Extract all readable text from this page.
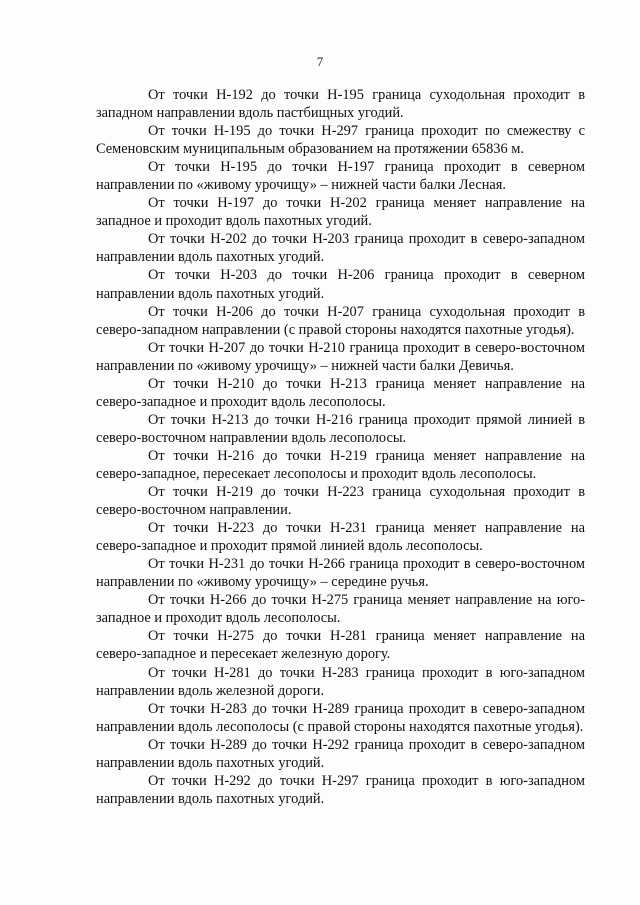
7

От точки Н-192 до точки Н-195 граница суходольная проходит в западном направлении вдоль пастбищных угодий.

От точки Н-195 до точки Н-297 граница проходит по смежеству с Семеновским муниципальным образованием на протяжении 65836 м.

От точки Н-195 до точки Н-197 граница проходит в северном направлении по «живому урочищу» – нижней части балки Лесная.

От точки Н-197 до точки Н-202 граница меняет направление на западное и проходит вдоль пахотных угодий.

От точки Н-202 до точки Н-203 граница проходит в северо-западном направлении вдоль пахотных угодий.

От точки Н-203 до точки Н-206 граница проходит в северном направлении вдоль пахотных угодий.

От точки Н-206 до точки Н-207 граница суходольная проходит в северо-западном направлении (с правой стороны находятся пахотные угодья).

От точки Н-207 до точки Н-210 граница проходит в северо-восточном направлении по «живому урочищу» – нижней части балки Девичья.

От точки Н-210 до точки Н-213 граница меняет направление на северо-западное и проходит вдоль лесополосы.

От точки Н-213 до точки Н-216 граница проходит прямой линией в северо-восточном направлении вдоль лесополосы.

От точки Н-216 до точки Н-219 граница меняет направление на северо-западное, пересекает лесополосы и проходит вдоль лесополосы.

От точки Н-219 до точки Н-223 граница суходольная проходит в северо-восточном направлении.

От точки Н-223 до точки Н-231 граница меняет направление на северо-западное и проходит прямой линией вдоль лесополосы.

От точки Н-231 до точки Н-266 граница проходит в северо-восточном направлении по «живому урочищу» – середине ручья.

От точки Н-266 до точки Н-275 граница меняет направление на юго-западное и проходит вдоль лесополосы.

От точки Н-275 до точки Н-281 граница меняет направление на северо-западное и пересекает железную дорогу.

От точки Н-281 до точки Н-283 граница проходит в юго-западном направлении вдоль железной дороги.

От точки Н-283 до точки Н-289 граница проходит в северо-западном направлении вдоль лесополосы (с правой стороны находятся пахотные угодья).

От точки Н-289 до точки Н-292 граница проходит в северо-западном направлении вдоль пахотных угодий.

От точки Н-292 до точки Н-297 граница проходит в юго-западном направлении вдоль пахотных угодий.
